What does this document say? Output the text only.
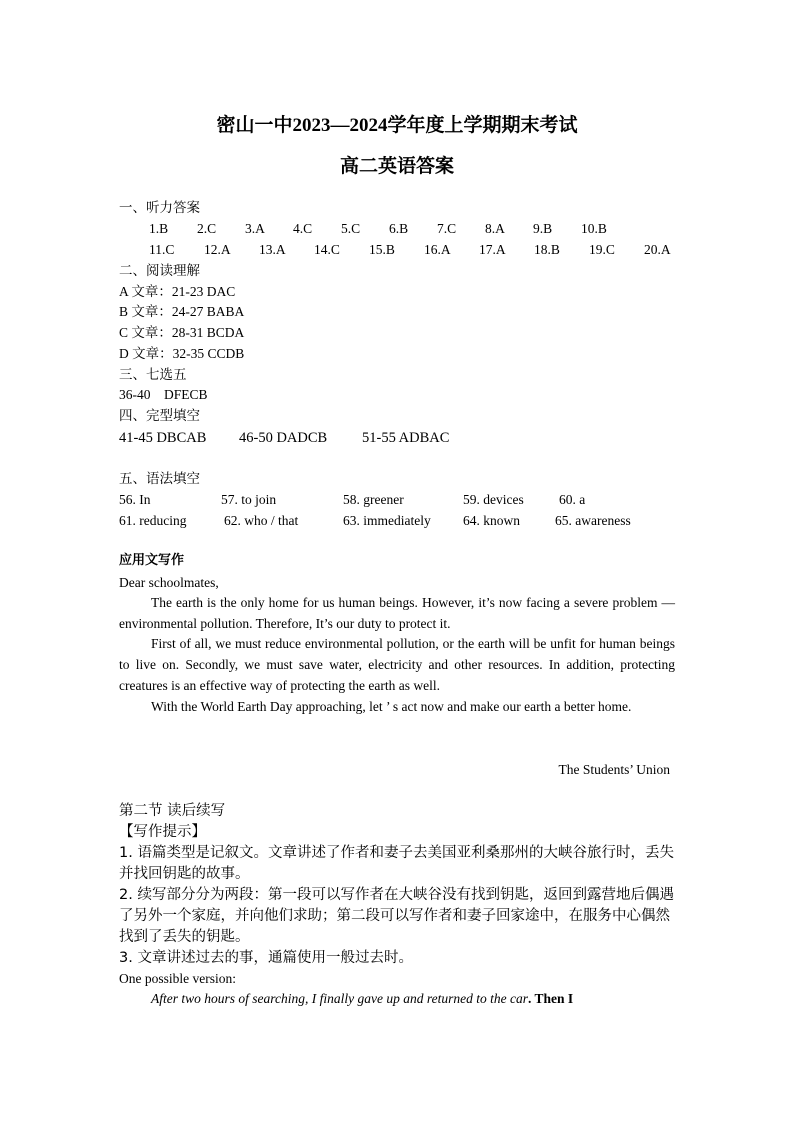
密山一中2023—2024学年度上学期期末考试
高二英语答案
一、听力答案
1.B 2.C 3.A 4.C 5.C 6.B 7.C 8.A 9.B 10.B
11.C 12.A 13.A 14.C 15.B 16.A 17.A 18.B 19.C 20.A
二、阅读理解
A 文章：21-23 DAC
B 文章：24-27 BABA
C 文章：28-31 BCDA
D 文章：32-35 CCDB
三、七选五
36-40    DFECB
四、完型填空
41-45 DBCAB 46-50 DADCB 51-55 ADBAC
五、语法填空
56. In	57. to join	58. greener	59. devices	60. a
61. reducing	62. who / that	63. immediately 64. known	65. awareness
应用文写作
Dear schoolmates,

The earth is the only home for us human beings. However, it’s now facing a severe problem — environmental pollution. Therefore, It’s our duty to protect it.

First of all, we must reduce environmental pollution, or the earth will be unfit for human beings to live on. Secondly, we must save water, electricity and other resources. In addition, protecting creatures is an effective way of protecting the earth as well.

With the World Earth Day approaching, let ’ s act now and make our earth a better home.

The Students’ Union
第二节 读后续写
【写作提示】
1. 语篇类型是记叙文。文章讲述了作者和妻子去美国亚利桑那州的大峡谷旅行时，丢失并找回钥匙的故事。
2. 续写部分分为两段：第一段可以写作者在大峡谷没有找到钥匙，返回到露营地后偶遇了另外一个家庭，并向他们求助；第二段可以写作者和妻子回家途中，在服务中心偶然找到了丢失的钥匙。
3. 文章讲述过去的事，通篇使用一般过去时。
One possible version:
After two hours of searching, I finally gave up and returned to the car. Then I
